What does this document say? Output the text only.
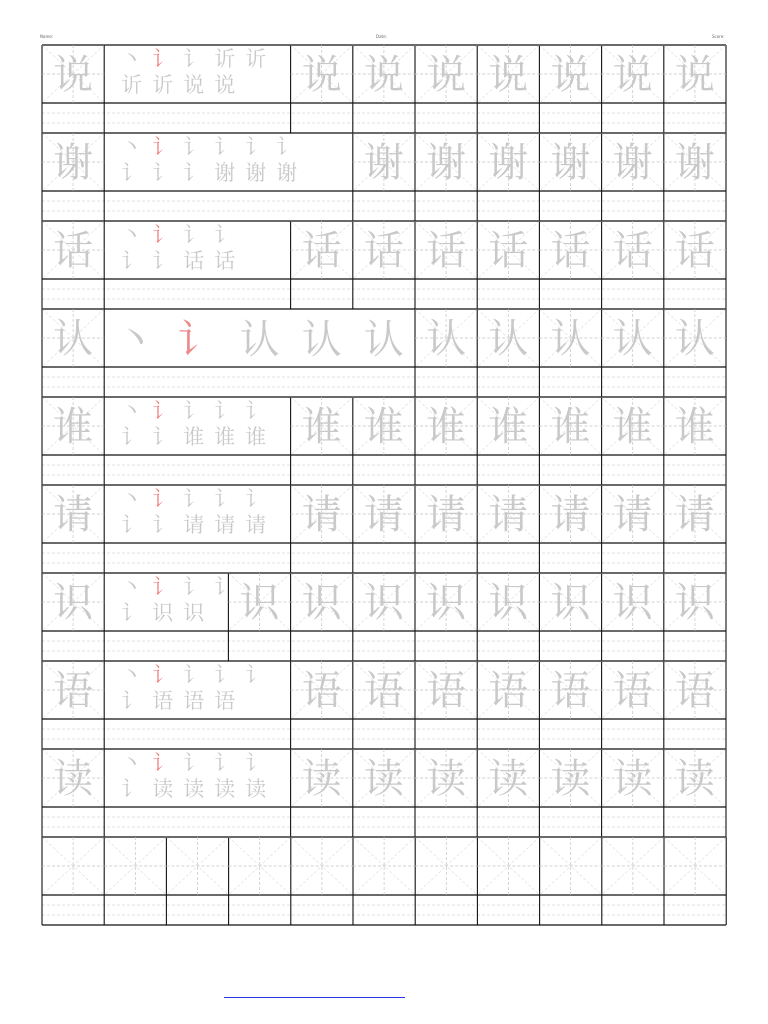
Name:	Date:	Score:
说 丶 讠 讠 䜣 䜣
䜣 䜣 说 说 说 说 说 说 说 说 说
谢 丶 讠 讠 讠 讠 讠
讠 讠 讠 谢 谢 谢 谢 谢 谢 谢 谢 谢
话 丶 讠 讠 讠
讠 讠 话 话 话 话 话 话 话 话 话
认 丶 讠 认 认 认 认 认 认 认 认
谁 丶 讠 讠 讠 讠
讠 讠 谁 谁 谁 谁 谁 谁 谁 谁 谁 谁
请 丶 讠 讠 讠 讠
讠 讠 请 请 请 请 请 请 请 请 请 请
识 丶 讠 讠 讠
讠 识 识 识 识 识 识 识 识 识 识
语 丶 讠 讠 讠 讠
讠 语 语 语 语 语 语 语 语 语 语
读 丶 讠 讠 讠 讠
讠 读 读 读 读 读 读 读 读 读 读 读
